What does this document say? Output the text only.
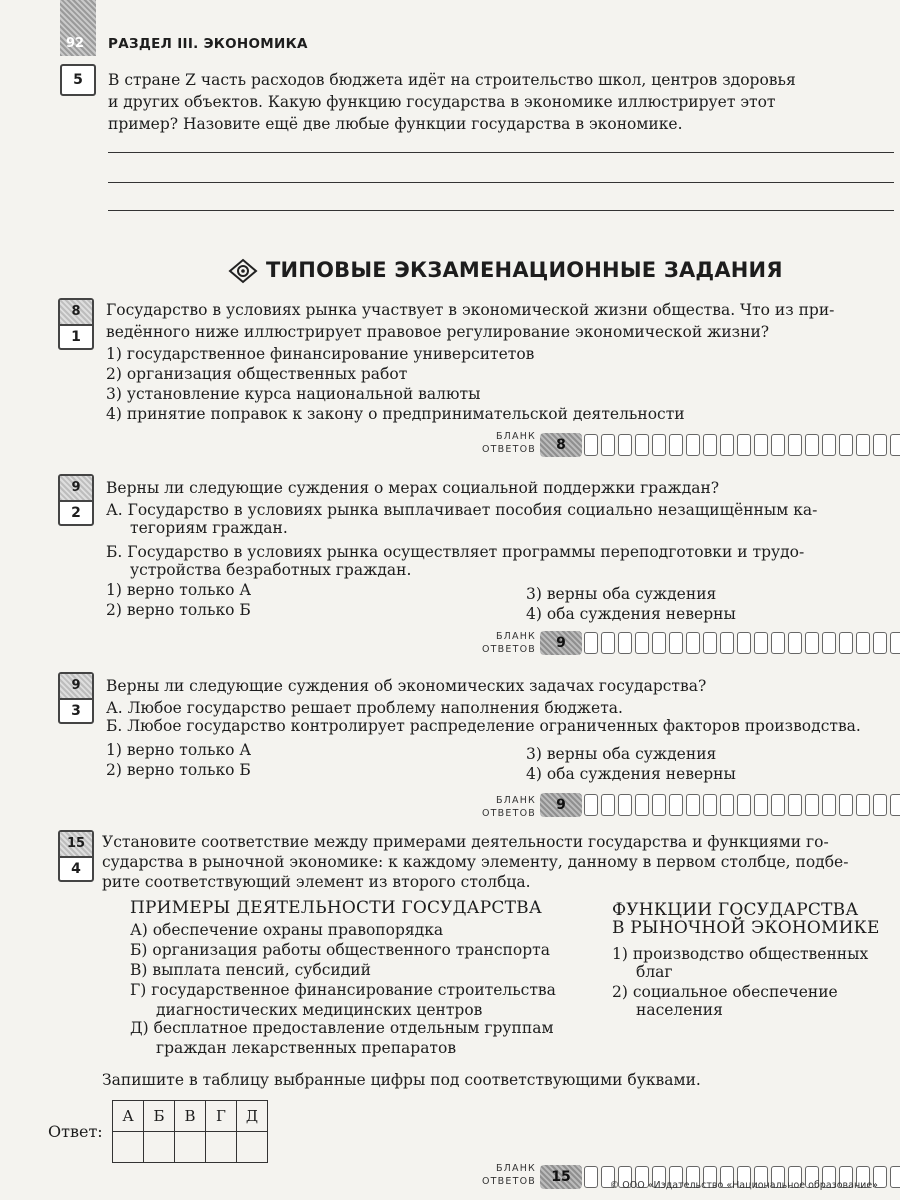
92 РАЗДЕЛ III. ЭКОНОМИКА
5	В стране Z часть расходов бюджета идёт на строительство школ, центров здоровья
и других объектов. Какую функцию государства в экономике иллюстрирует этот
пример? Назовите ещё две любые функции государства в экономике.
ТИПОВЫЕ ЭКЗАМЕНАЦИОННЫЕ ЗАДАНИЯ
8
1
Государство в условиях рынка участвует в экономической жизни общества. Что из при-
ведённого ниже иллюстрирует правовое регулирование экономической жизни?
1) государственное финансирование университетов
2) организация общественных работ
3) установление курса национальной валюты
4) принятие поправок к закону о предпринимательской деятельности
БЛАНК
ОТВЕТОВ	8
9
2
Верны ли следующие суждения о мерах социальной поддержки граждан?
А. Государство в условиях рынка выплачивает пособия социально незащищённым ка-
тегориям граждан.
Б. Государство в условиях рынка осуществляет программы переподготовки и трудо-
устройства безработных граждан.
1) верно только А
2) верно только Б
3) верны оба суждения
4) оба суждения неверны
БЛАНК
ОТВЕТОВ	9
9
3
Верны ли следующие суждения об экономических задачах государства?
А. Любое государство решает проблему наполнения бюджета.
Б. Любое государство контролирует распределение ограниченных факторов производства.
1) верно только А
2) верно только Б
3) верны оба суждения
4) оба суждения неверны
БЛАНК
ОТВЕТОВ
9
15
4
Установите соответствие между примерами деятельности государства и функциями го-
сударства в рыночной экономике: к каждому элементу, данному в первом столбце, подбе-
рите соответствующий элемент из второго столбца.
ПРИМЕРЫ ДЕЯТЕЛЬНОСТИ ГОСУДАРСТВА	ФУНКЦИИ ГОСУДАРСТВА
В РЫНОЧНОЙ ЭКОНОМИКЕ
А) обеспечение охраны правопорядка
Б) организация работы общественного транспорта
В) выплата пенсий, субсидий
Г) государственное финансирование строительства
диагностических медицинских центров
Д) бесплатное предоставление отдельным группам
граждан лекарственных препаратов
1) производство общественных
благ
2) социальное обеспечение
населения
Запишите в таблицу выбранные цифры под соответствующими буквами.
Ответ:
А	Б	В	Г	Д

БЛАНК
ОТВЕТОВ	15
© ООО «Издательство «Национальное образование»
